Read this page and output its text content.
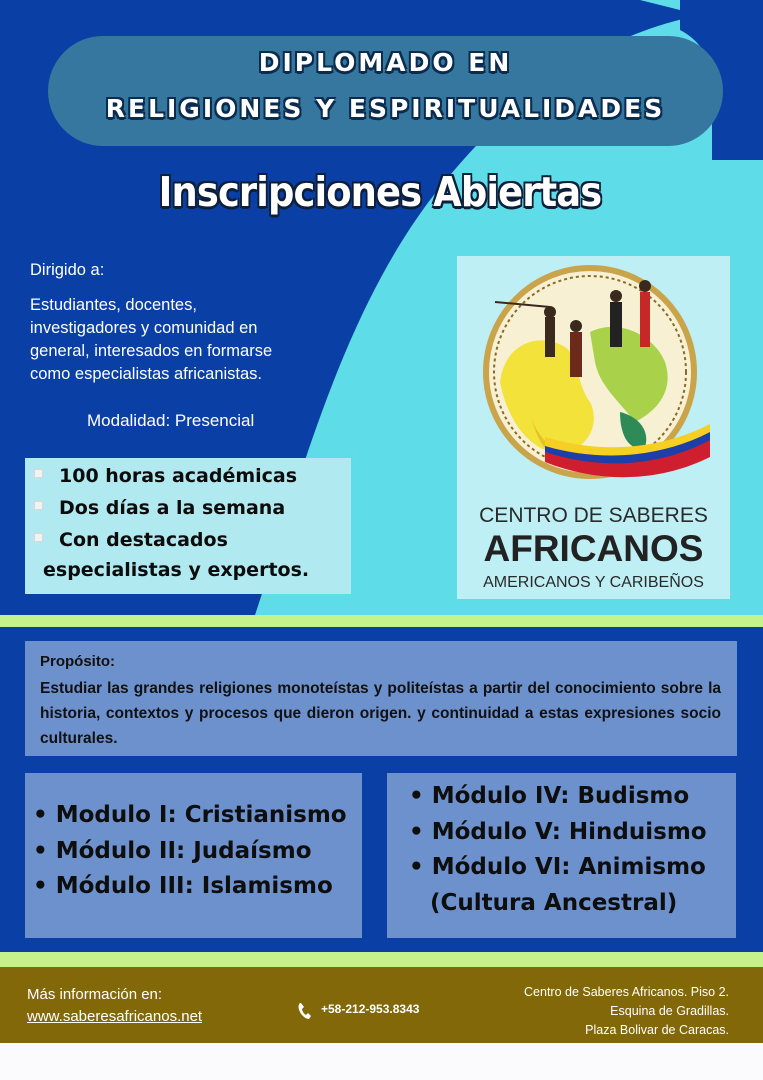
DIPLOMADO EN
RELIGIONES Y ESPIRITUALIDADES
Inscripciones Abiertas
Dirigido a:
Estudiantes, docentes,
investigadores y comunidad en
general, interesados en formarse
como especialistas africanistas.
Modalidad: Presencial
100 horas académicas
Dos días a la semana
Con destacados
especialistas y expertos.
CENTRO DE SABERES
AFRICANOS
AMERICANOS Y CARIBEÑOS
Propósito:
Estudiar las grandes religiones monoteístas y politeístas a partir del conocimiento sobre la historia, contextos y procesos que dieron origen. y continuidad a estas expresiones socio culturales.
• Modulo I: Cristianismo
• Módulo II: Judaísmo
• Módulo III: Islamismo
• Módulo IV: Budismo
• Módulo V: Hinduismo
• Módulo VI: Animismo
(Cultura Ancestral)
Más información en:
www.saberesafricanos.net	+58-212-953.8343
Centro de Saberes Africanos. Piso 2.
Esquina de Gradillas.
Plaza Bolivar de Caracas.
